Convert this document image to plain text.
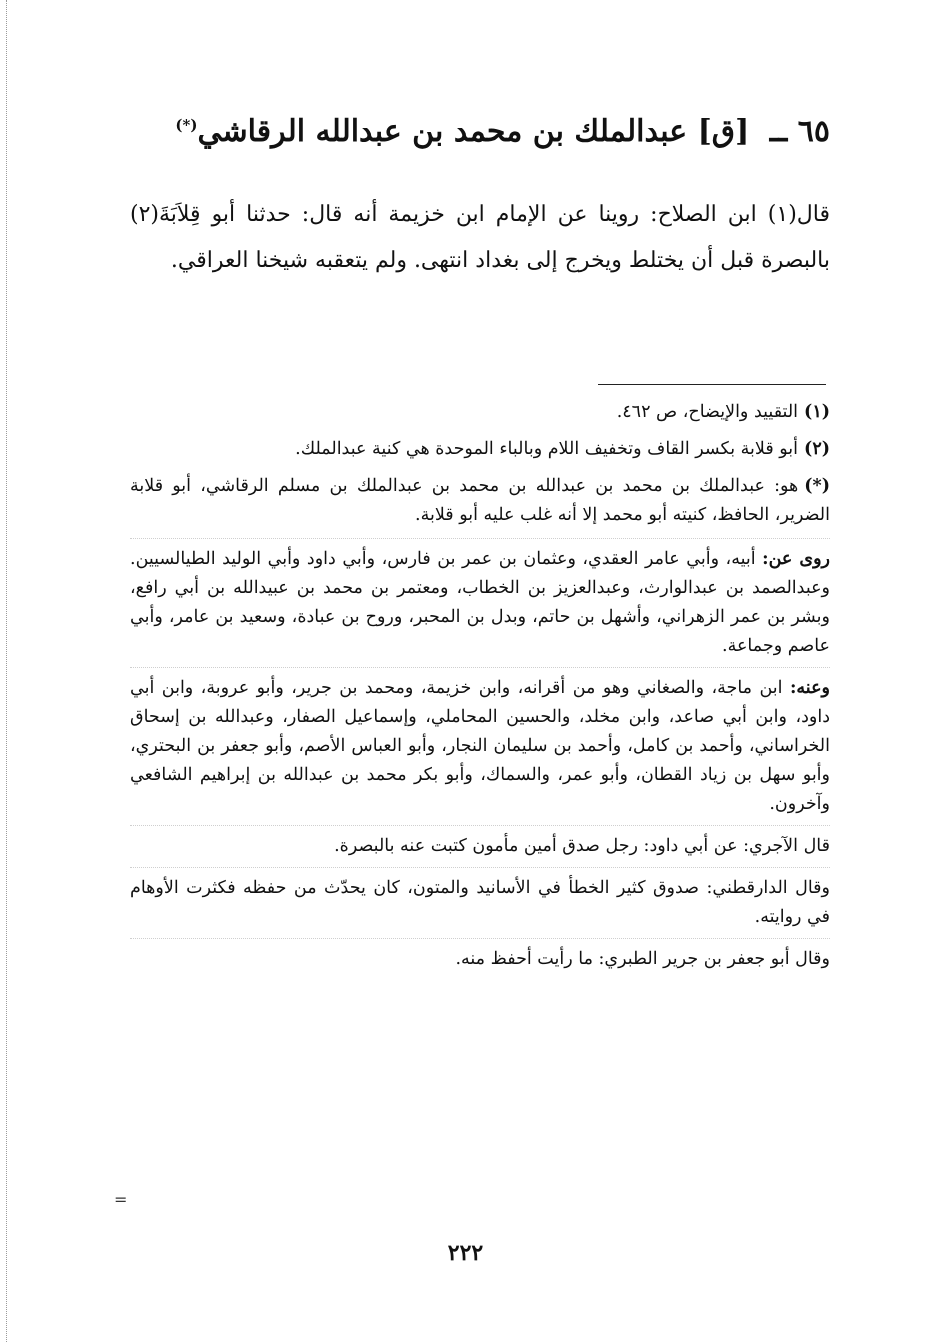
٦٥ ــ [ق] عبدالملك بن محمد بن عبدالله الرقاشي(*)
قال(١) ابن الصلاح: روينا عن الإمام ابن خزيمة أنه قال: حدثنا أبو قِلاَبَةَ(٢) بالبصرة قبل أن يختلط ويخرج إلى بغداد انتهى. ولم يتعقبه شيخنا العراقي.

(١)التقييد والإيضاح، ص ٤٦٢.

(٢)أبو قلابة بكسر القاف وتخفيف اللام وبالباء الموحدة هي كنية عبدالملك.

(*)هو: عبدالملك بن محمد بن عبدالله بن محمد بن عبدالملك بن مسلم الرقاشي، أبو قلابة الضرير، الحافظ، كنيته أبو محمد إلا أنه غلب عليه أبو قلابة.

روى عن: أبيه، وأبي عامر العقدي، وعثمان بن عمر بن فارس، وأبي داود وأبي الوليد الطيالسيين. وعبدالصمد بن عبدالوارث، وعبدالعزيز بن الخطاب، ومعتمر بن محمد بن عبيدالله بن أبي رافع، وبشر بن عمر الزهراني، وأشهل بن حاتم، وبدل بن المحبر، وروح بن عبادة، وسعيد بن عامر، وأبي عاصم وجماعة.
وعنه: ابن ماجة، والصغاني وهو من أقرانه، وابن خزيمة، ومحمد بن جرير، وأبو عروبة، وابن أبي داود، وابن أبي صاعد، وابن مخلد، والحسين المحاملي، وإسماعيل الصفار، وعبدالله بن إسحاق الخراساني، وأحمد بن كامل، وأحمد بن سليمان النجار، وأبو العباس الأصم، وأبو جعفر بن البحتري، وأبو سهل بن زياد القطان، وأبو عمر، والسماك، وأبو بكر محمد بن عبدالله بن إبراهيم الشافعي وآخرون.
قال الآجري: عن أبي داود: رجل صدق أمين مأمون كتبت عنه بالبصرة.
وقال الدارقطني: صدوق كثير الخطأ في الأسانيد والمتون، كان يحدّث من حفظه فكثرت الأوهام في روايته.
وقال أبو جعفر بن جرير الطبري: ما رأيت أحفظ منه.
=
٢٢٢
